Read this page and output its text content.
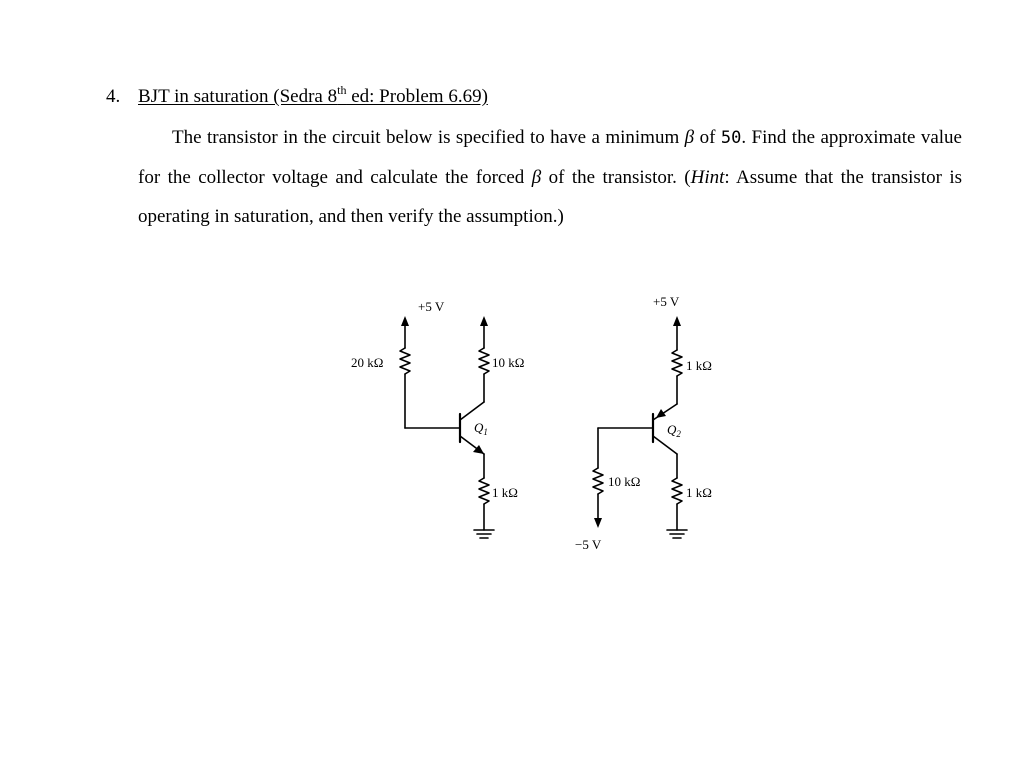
4. BJT in saturation (Sedra 8th ed: Problem 6.69)
The transistor in the circuit below is specified to have a minimum β of 50. Find the approximate value for the collector voltage and calculate the forced β of the transistor. (Hint: Assume that the transistor is operating in saturation, and then verify the assumption.)
+5 V
20 kΩ	10 kΩ
$Q_1$
1 kΩ
+5 V
1 kΩ
$Q_2$
10 kΩ
1 kΩ
−5 V
